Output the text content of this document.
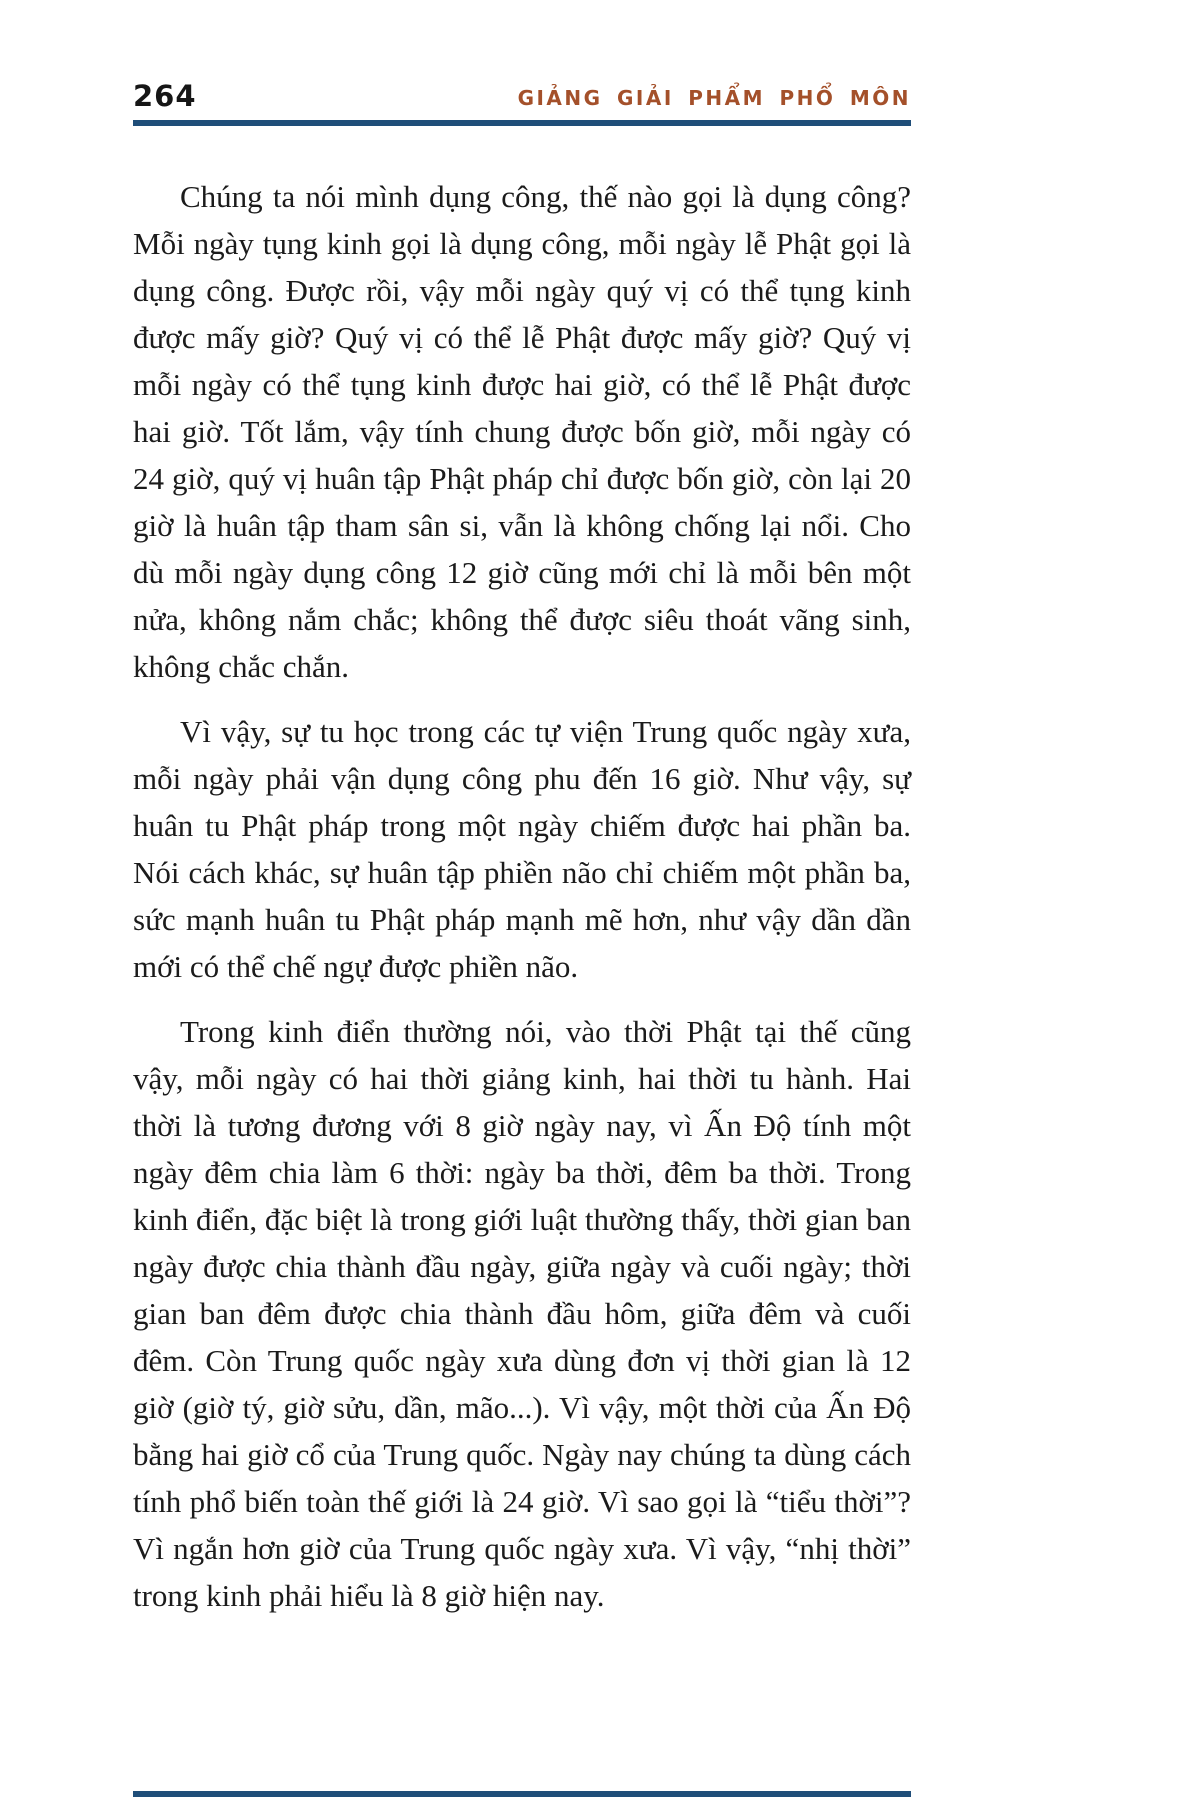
264	GIẢNG GIẢI PHẨM PHỔ MÔN

Chúng ta nói mình dụng công, thế nào gọi là dụng công? Mỗi ngày tụng kinh gọi là dụng công, mỗi ngày lễ Phật gọi là dụng công. Được rồi, vậy mỗi ngày quý vị có thể tụng kinh được mấy giờ? Quý vị có thể lễ Phật được mấy giờ? Quý vị mỗi ngày có thể tụng kinh được hai giờ, có thể lễ Phật được hai giờ. Tốt lắm, vậy tính chung được bốn giờ, mỗi ngày có 24 giờ, quý vị huân tập Phật pháp chỉ được bốn giờ, còn lại 20 giờ là huân tập tham sân si, vẫn là không chống lại nổi. Cho dù mỗi ngày dụng công 12 giờ cũng mới chỉ là mỗi bên một nửa, không nắm chắc; không thể được siêu thoát vãng sinh, không chắc chắn.

Vì vậy, sự tu học trong các tự viện Trung quốc ngày xưa, mỗi ngày phải vận dụng công phu đến 16 giờ. Như vậy, sự huân tu Phật pháp trong một ngày chiếm được hai phần ba. Nói cách khác, sự huân tập phiền não chỉ chiếm một phần ba, sức mạnh huân tu Phật pháp mạnh mẽ hơn, như vậy dần dần mới có thể chế ngự được phiền não.

Trong kinh điển thường nói, vào thời Phật tại thế cũng vậy, mỗi ngày có hai thời giảng kinh, hai thời tu hành. Hai thời là tương đương với 8 giờ ngày nay, vì Ấn Độ tính một ngày đêm chia làm 6 thời: ngày ba thời, đêm ba thời. Trong kinh điển, đặc biệt là trong giới luật thường thấy, thời gian ban ngày được chia thành đầu ngày, giữa ngày và cuối ngày; thời gian ban đêm được chia thành đầu hôm, giữa đêm và cuối đêm. Còn Trung quốc ngày xưa dùng đơn vị thời gian là 12 giờ (giờ tý, giờ sửu, dần, mão...). Vì vậy, một thời của Ấn Độ bằng hai giờ cổ của Trung quốc. Ngày nay chúng ta dùng cách tính phổ biến toàn thế giới là 24 giờ. Vì sao gọi là “tiểu thời”? Vì ngắn hơn giờ của Trung quốc ngày xưa. Vì vậy, “nhị thời” trong kinh phải hiểu là 8 giờ hiện nay.
